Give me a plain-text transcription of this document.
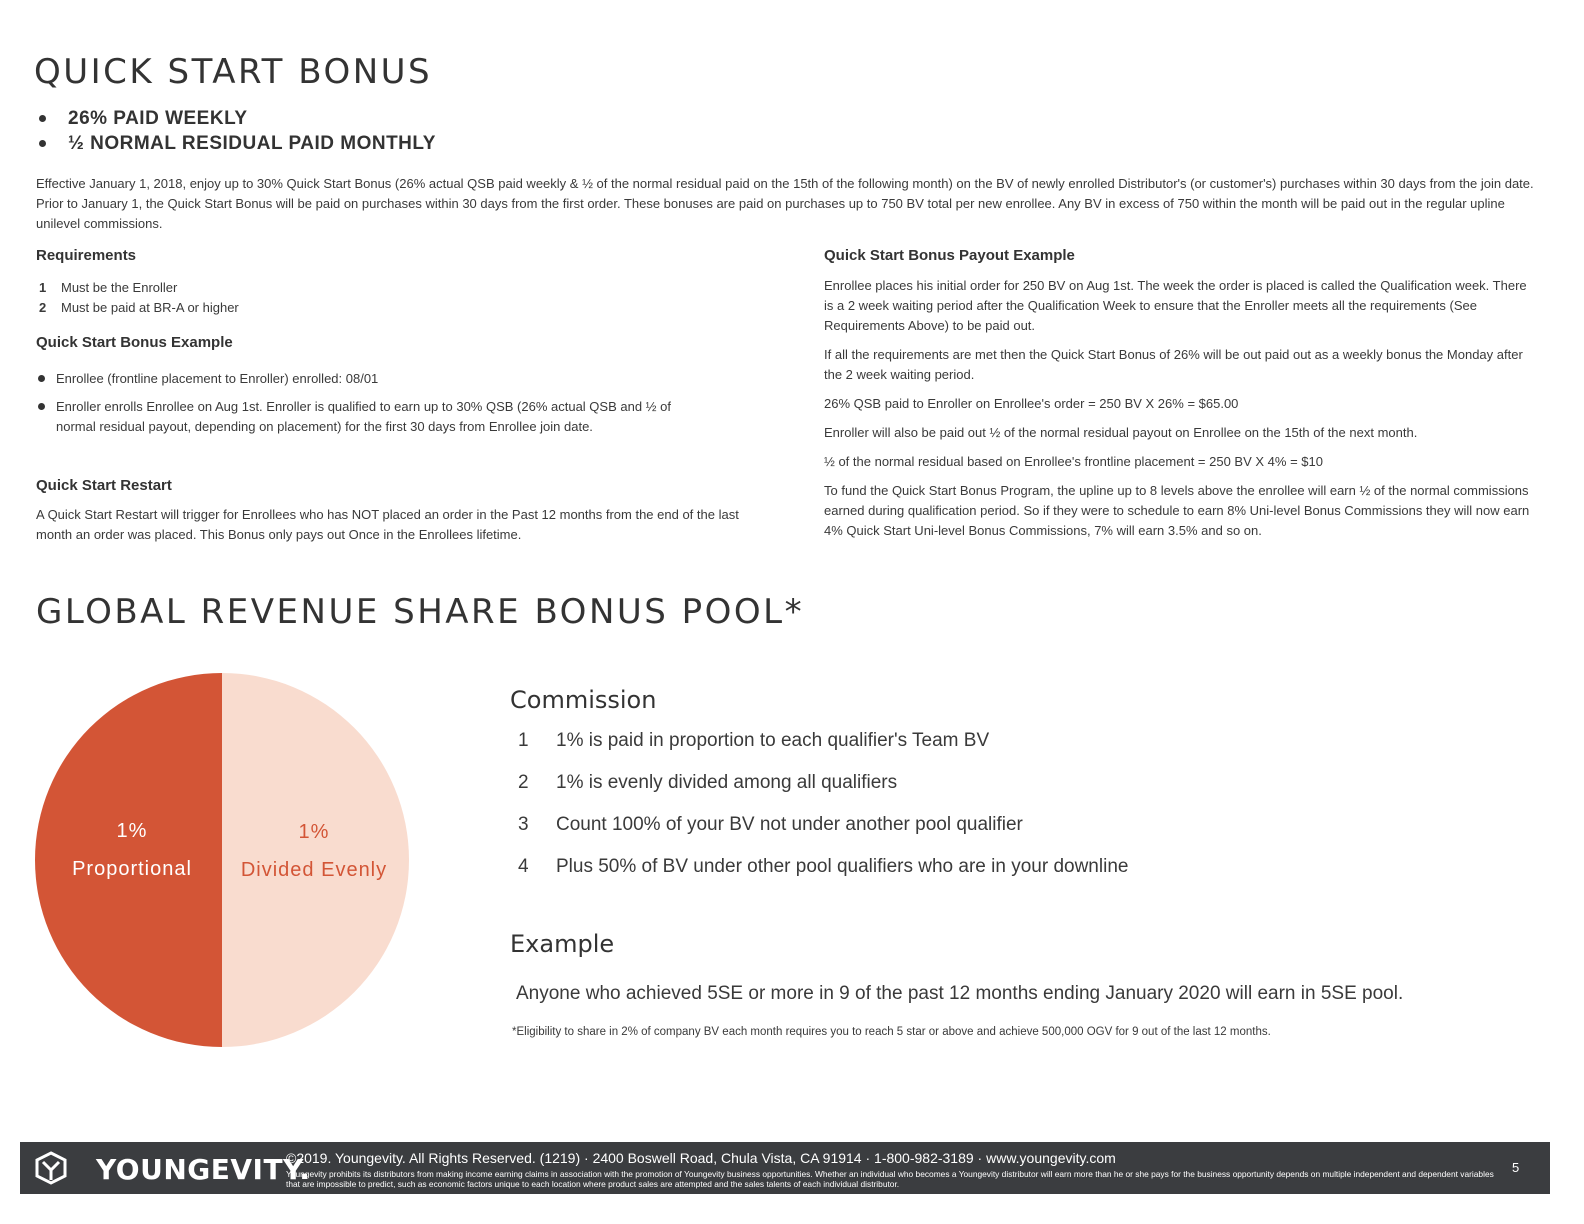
QUICK START BONUS
26% PAID WEEKLY
½ NORMAL RESIDUAL PAID MONTHLY

Effective January 1, 2018, enjoy up to 30% Quick Start Bonus (26% actual QSB paid weekly & ½ of the normal residual paid on the 15th of the following month) on the BV of newly enrolled Distributor's (or customer's) purchases within 30 days from the join date. Prior to January 1, the Quick Start Bonus will be paid on purchases within 30 days from the first order. These bonuses are paid on purchases up to 750 BV total per new enrollee. Any BV in excess of 750 within the month will be paid out in the regular upline unilevel commissions.

Requirements
1 Must be the Enroller
2 Must be paid at BR-A or higher
Quick Start Bonus Example
Enrollee (frontline placement to Enroller) enrolled: 08/01
Enroller enrolls Enrollee on Aug 1st. Enroller is qualified to earn up to 30% QSB (26% actual QSB and ½ of normal residual payout, depending on placement) for the first 30 days from Enrollee join date.
Quick Start Restart

A Quick Start Restart will trigger for Enrollees who has NOT placed an order in the Past 12 months from the end of the last month an order was placed. This Bonus only pays out Once in the Enrollees lifetime.

Quick Start Bonus Payout Example

Enrollee places his initial order for 250 BV on Aug 1st. The week the order is placed is called the Qualification week. There is a 2 week waiting period after the Qualification Week to ensure that the Enroller meets all the requirements (See Requirements Above) to be paid out.

If all the requirements are met then the Quick Start Bonus of 26% will be out paid out as a weekly bonus the Monday after the 2 week waiting period.

26% QSB paid to Enroller on Enrollee's order = 250 BV X 26% = $65.00

Enroller will also be paid out ½ of the normal residual payout on Enrollee on the 15th of the next month.

½ of the normal residual based on Enrollee's frontline placement = 250 BV X 4% = $10

To fund the Quick Start Bonus Program, the upline up to 8 levels above the enrollee will earn ½ of the normal commissions earned during qualification period. So if they were to schedule to earn 8% Uni-level Bonus Commissions they will now earn 4% Quick Start Uni-level Bonus Commissions, 7% will earn 3.5% and so on.

GLOBAL REVENUE SHARE BONUS POOL*
1%
Proportional
1%
Divided Evenly
Commission
1 1% is paid in proportion to each qualifier's Team BV
2 1% is evenly divided among all qualifiers
3 Count 100% of your BV not under another pool qualifier
4 Plus 50% of BV under other pool qualifiers who are in your downline
Example

Anyone who achieved 5SE or more in 9 of the past 12 months ending January 2020 will earn in 5SE pool.

*Eligibility to share in 2% of company BV each month requires you to reach 5 star or above and achieve 500,000 OGV for 9 out of the last 12 months.

YOUNGEVITY.
©2019. Youngevity. All Rights Reserved. (1219) · 2400 Boswell Road, Chula Vista, CA 91914 · 1-800-982-3189 · www.youngevity.com
Youngevity prohibits its distributors from making income earning claims in association with the promotion of Youngevity business opportunities. Whether an individual who becomes a Youngevity distributor will earn more than he or she pays for the business opportunity depends on multiple independent and dependent variables that are impossible to predict, such as economic factors unique to each location where product sales are attempted and the sales talents of each individual distributor.
5
